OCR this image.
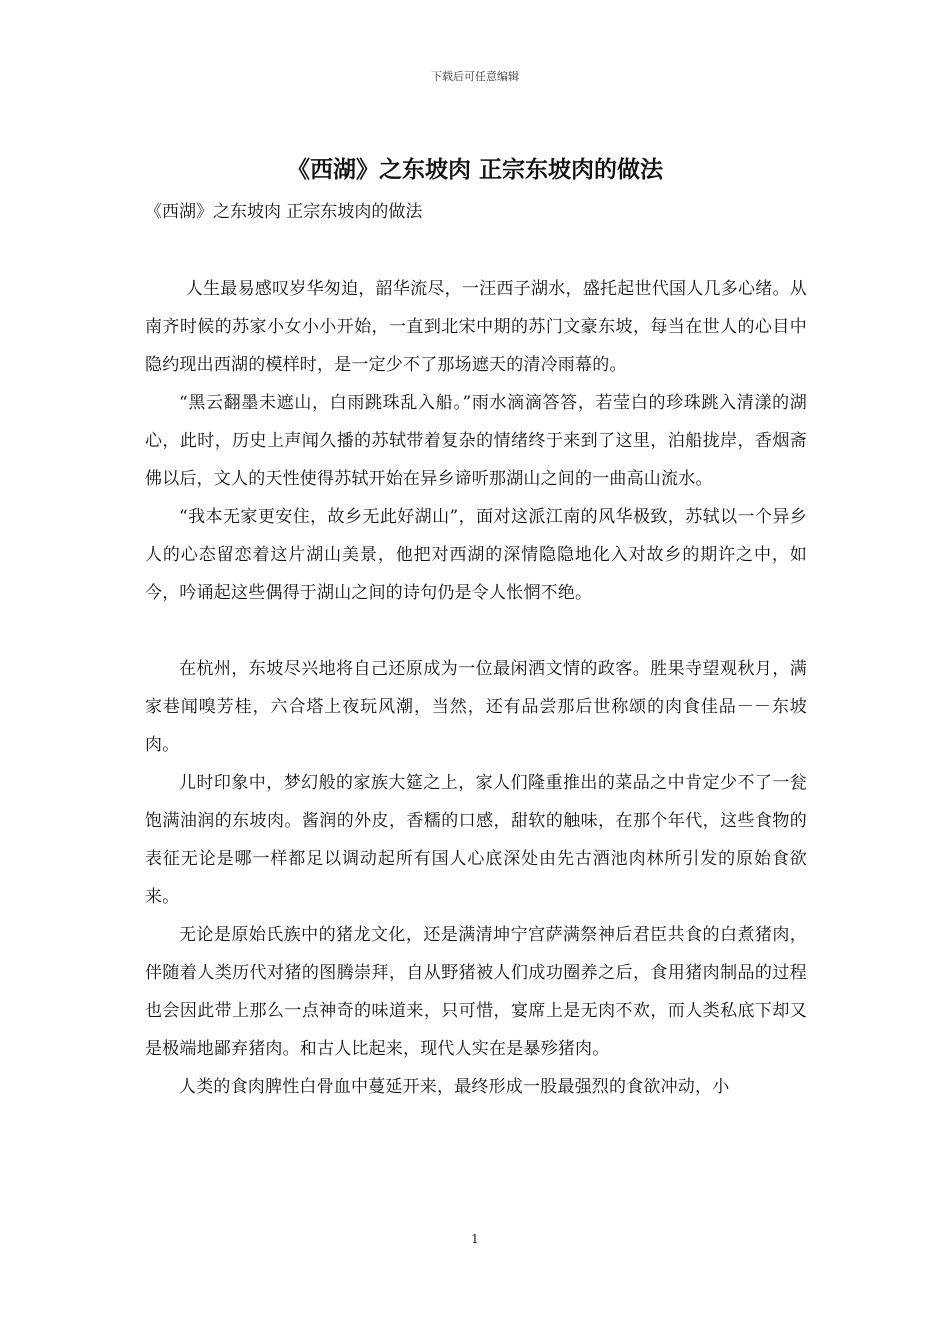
下载后可任意编辑
《西湖》之东坡肉 正宗东坡肉的做法

《西湖》之东坡肉 正宗东坡肉的做法

人生最易感叹岁华匆迫，韶华流尽，一汪西子湖水，盛托起世代国人几多心绪。从南齐时候的苏家小女小小开始，一直到北宋中期的苏门文豪东坡，每当在世人的心目中隐约现出西湖的模样时，是一定少不了那场遮天的清冷雨幕的。

“黑云翻墨未遮山，白雨跳珠乱入船。”雨水滴滴答答，若莹白的珍珠跳入清漾的湖心，此时，历史上声闻久播的苏轼带着复杂的情绪终于来到了这里，泊船拢岸，香烟斋佛以后，文人的天性使得苏轼开始在异乡谛听那湖山之间的一曲高山流水。

“我本无家更安住，故乡无此好湖山”，面对这派江南的风华极致，苏轼以一个异乡人的心态留恋着这片湖山美景，他把对西湖的深情隐隐地化入对故乡的期许之中，如今，吟诵起这些偶得于湖山之间的诗句仍是令人怅惘不绝。

在杭州，东坡尽兴地将自己还原成为一位最闲洒文情的政客。胜果寺望观秋月，满家巷闻嗅芳桂，六合塔上夜玩风潮，当然，还有品尝那后世称颂的肉食佳品－－东坡肉。

儿时印象中，梦幻般的家族大筵之上，家人们隆重推出的菜品之中肯定少不了一瓮饱满油润的东坡肉。酱润的外皮，香糯的口感，甜软的触味，在那个年代，这些食物的表征无论是哪一样都足以调动起所有国人心底深处由先古酒池肉林所引发的原始食欲来。

无论是原始氏族中的猪龙文化，还是满清坤宁宫萨满祭神后君臣共食的白煮猪肉，伴随着人类历代对猪的图腾崇拜，自从野猪被人们成功圈养之后，食用猪肉制品的过程也会因此带上那么一点神奇的味道来，只可惜，宴席上是无肉不欢，而人类私底下却又是极端地鄙弃猪肉。和古人比起来，现代人实在是暴殄猪肉。

人类的食肉脾性白骨血中蔓延开来，最终形成一股最强烈的食欲冲动，小

1
